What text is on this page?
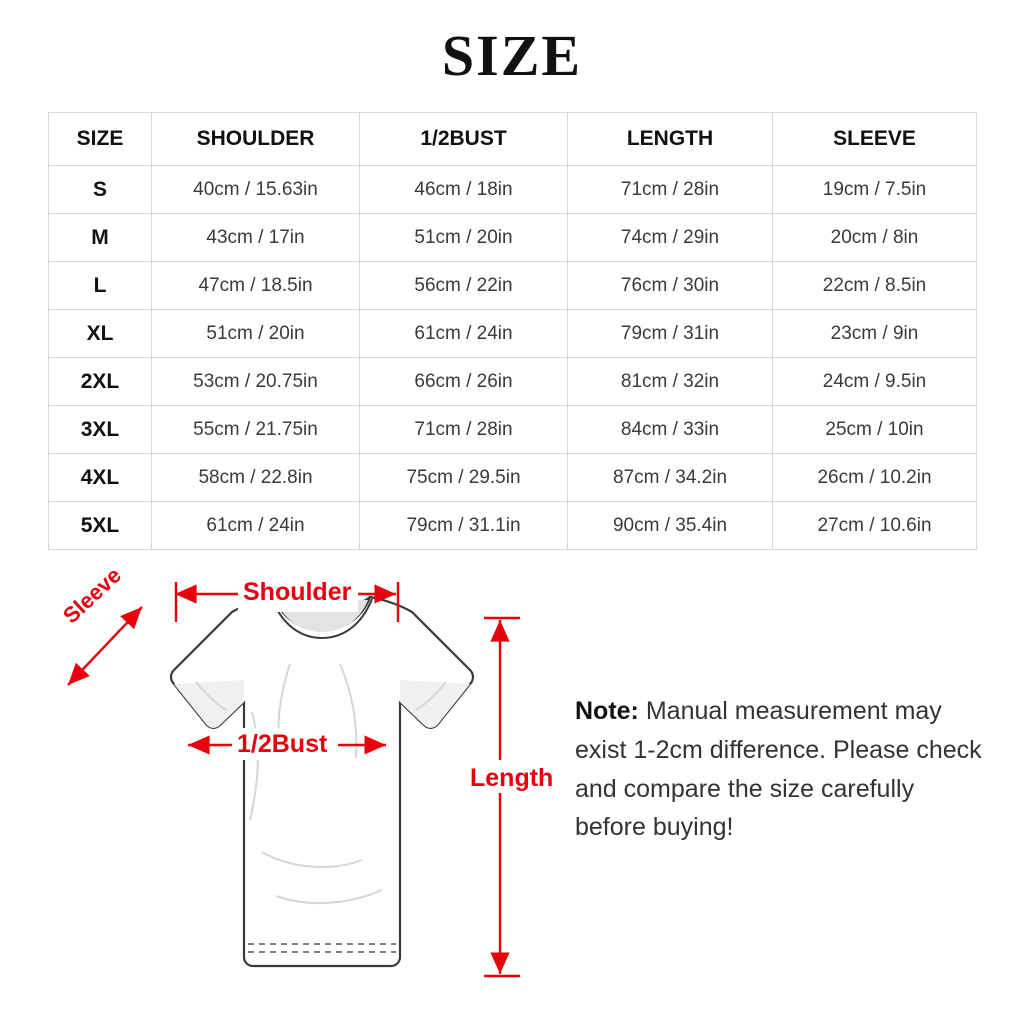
SIZE
SIZE	SHOULDER	1/2BUST	LENGTH	SLEEVE
S	40cm / 15.63in	46cm / 18in	71cm / 28in	19cm / 7.5in
M	43cm / 17in	51cm / 20in	74cm / 29in	20cm / 8in
L	47cm / 18.5in	56cm / 22in	76cm / 30in	22cm / 8.5in
XL	51cm / 20in	61cm / 24in	79cm / 31in	23cm / 9in
2XL	53cm / 20.75in	66cm / 26in	81cm / 32in	24cm / 9.5in
3XL	55cm / 21.75in	71cm / 28in	84cm / 33in	25cm / 10in
4XL	58cm / 22.8in	75cm / 29.5in	87cm / 34.2in	26cm / 10.2in
5XL	61cm / 24in	79cm / 31.1in	90cm / 35.4in	27cm / 10.6in
Shoulder
Sleeve
1/2Bust
Length
Note: Manual measurement may exist 1-2cm difference. Please check and compare the size carefully before buying!
